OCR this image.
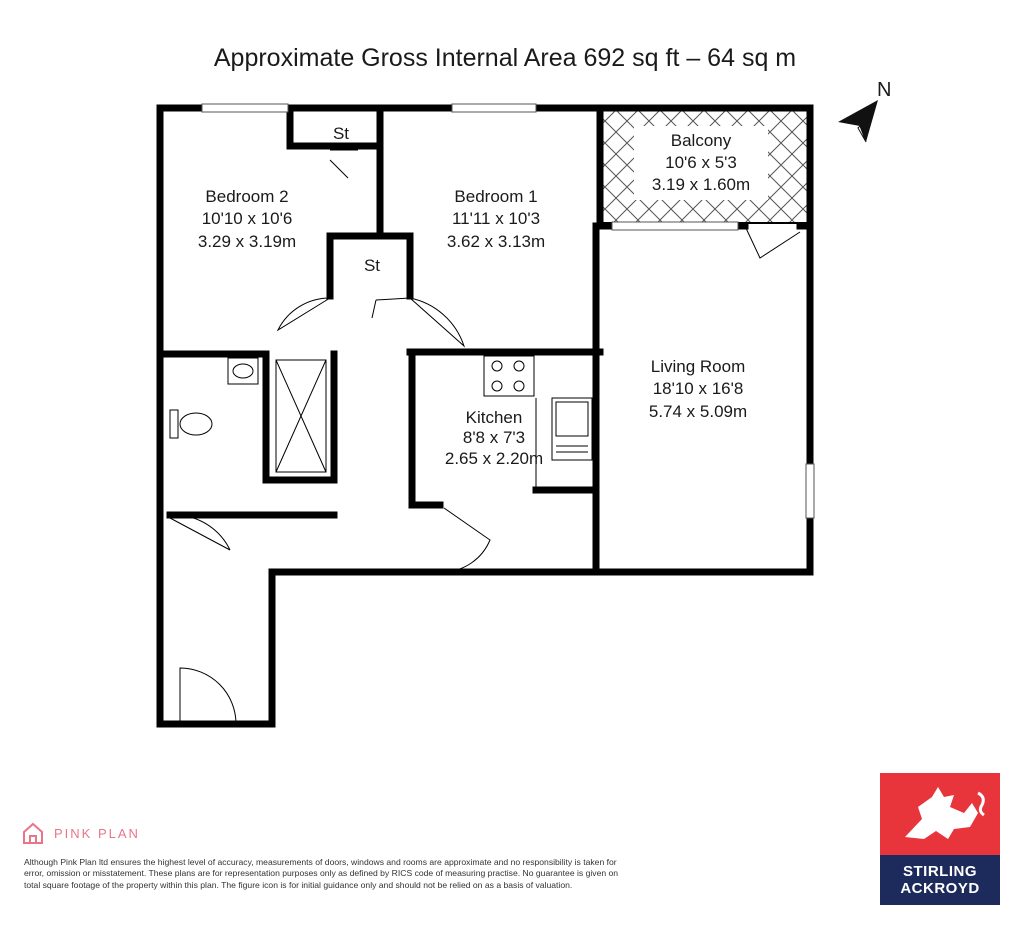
Approximate Gross Internal Area 692 sq ft – 64 sq m
N
Bedroom 2
10'10 x 10'6
3.29 x 3.19m
Bedroom 1
11'11 x 10'3
3.62 x 3.13m
Balcony
10'6 x 5'3
3.19 x 1.60m
Living Room
18'10 x 16'8
5.74 x 5.09m
Kitchen
8'8 x 7'3
2.65 x 2.20m
St
St
PINK PLAN
Although Pink Plan ltd ensures the highest level of accuracy, measurements of doors, windows and rooms are approximate and no responsibility is taken for error, omission or misstatement. These plans are for representation purposes only as defined by RICS code of measuring practise. No guarantee is given on total square footage of the property within this plan. The figure icon is for initial guidance only and should not be relied on as a basis of valuation.
STIRLING
ACKROYD
